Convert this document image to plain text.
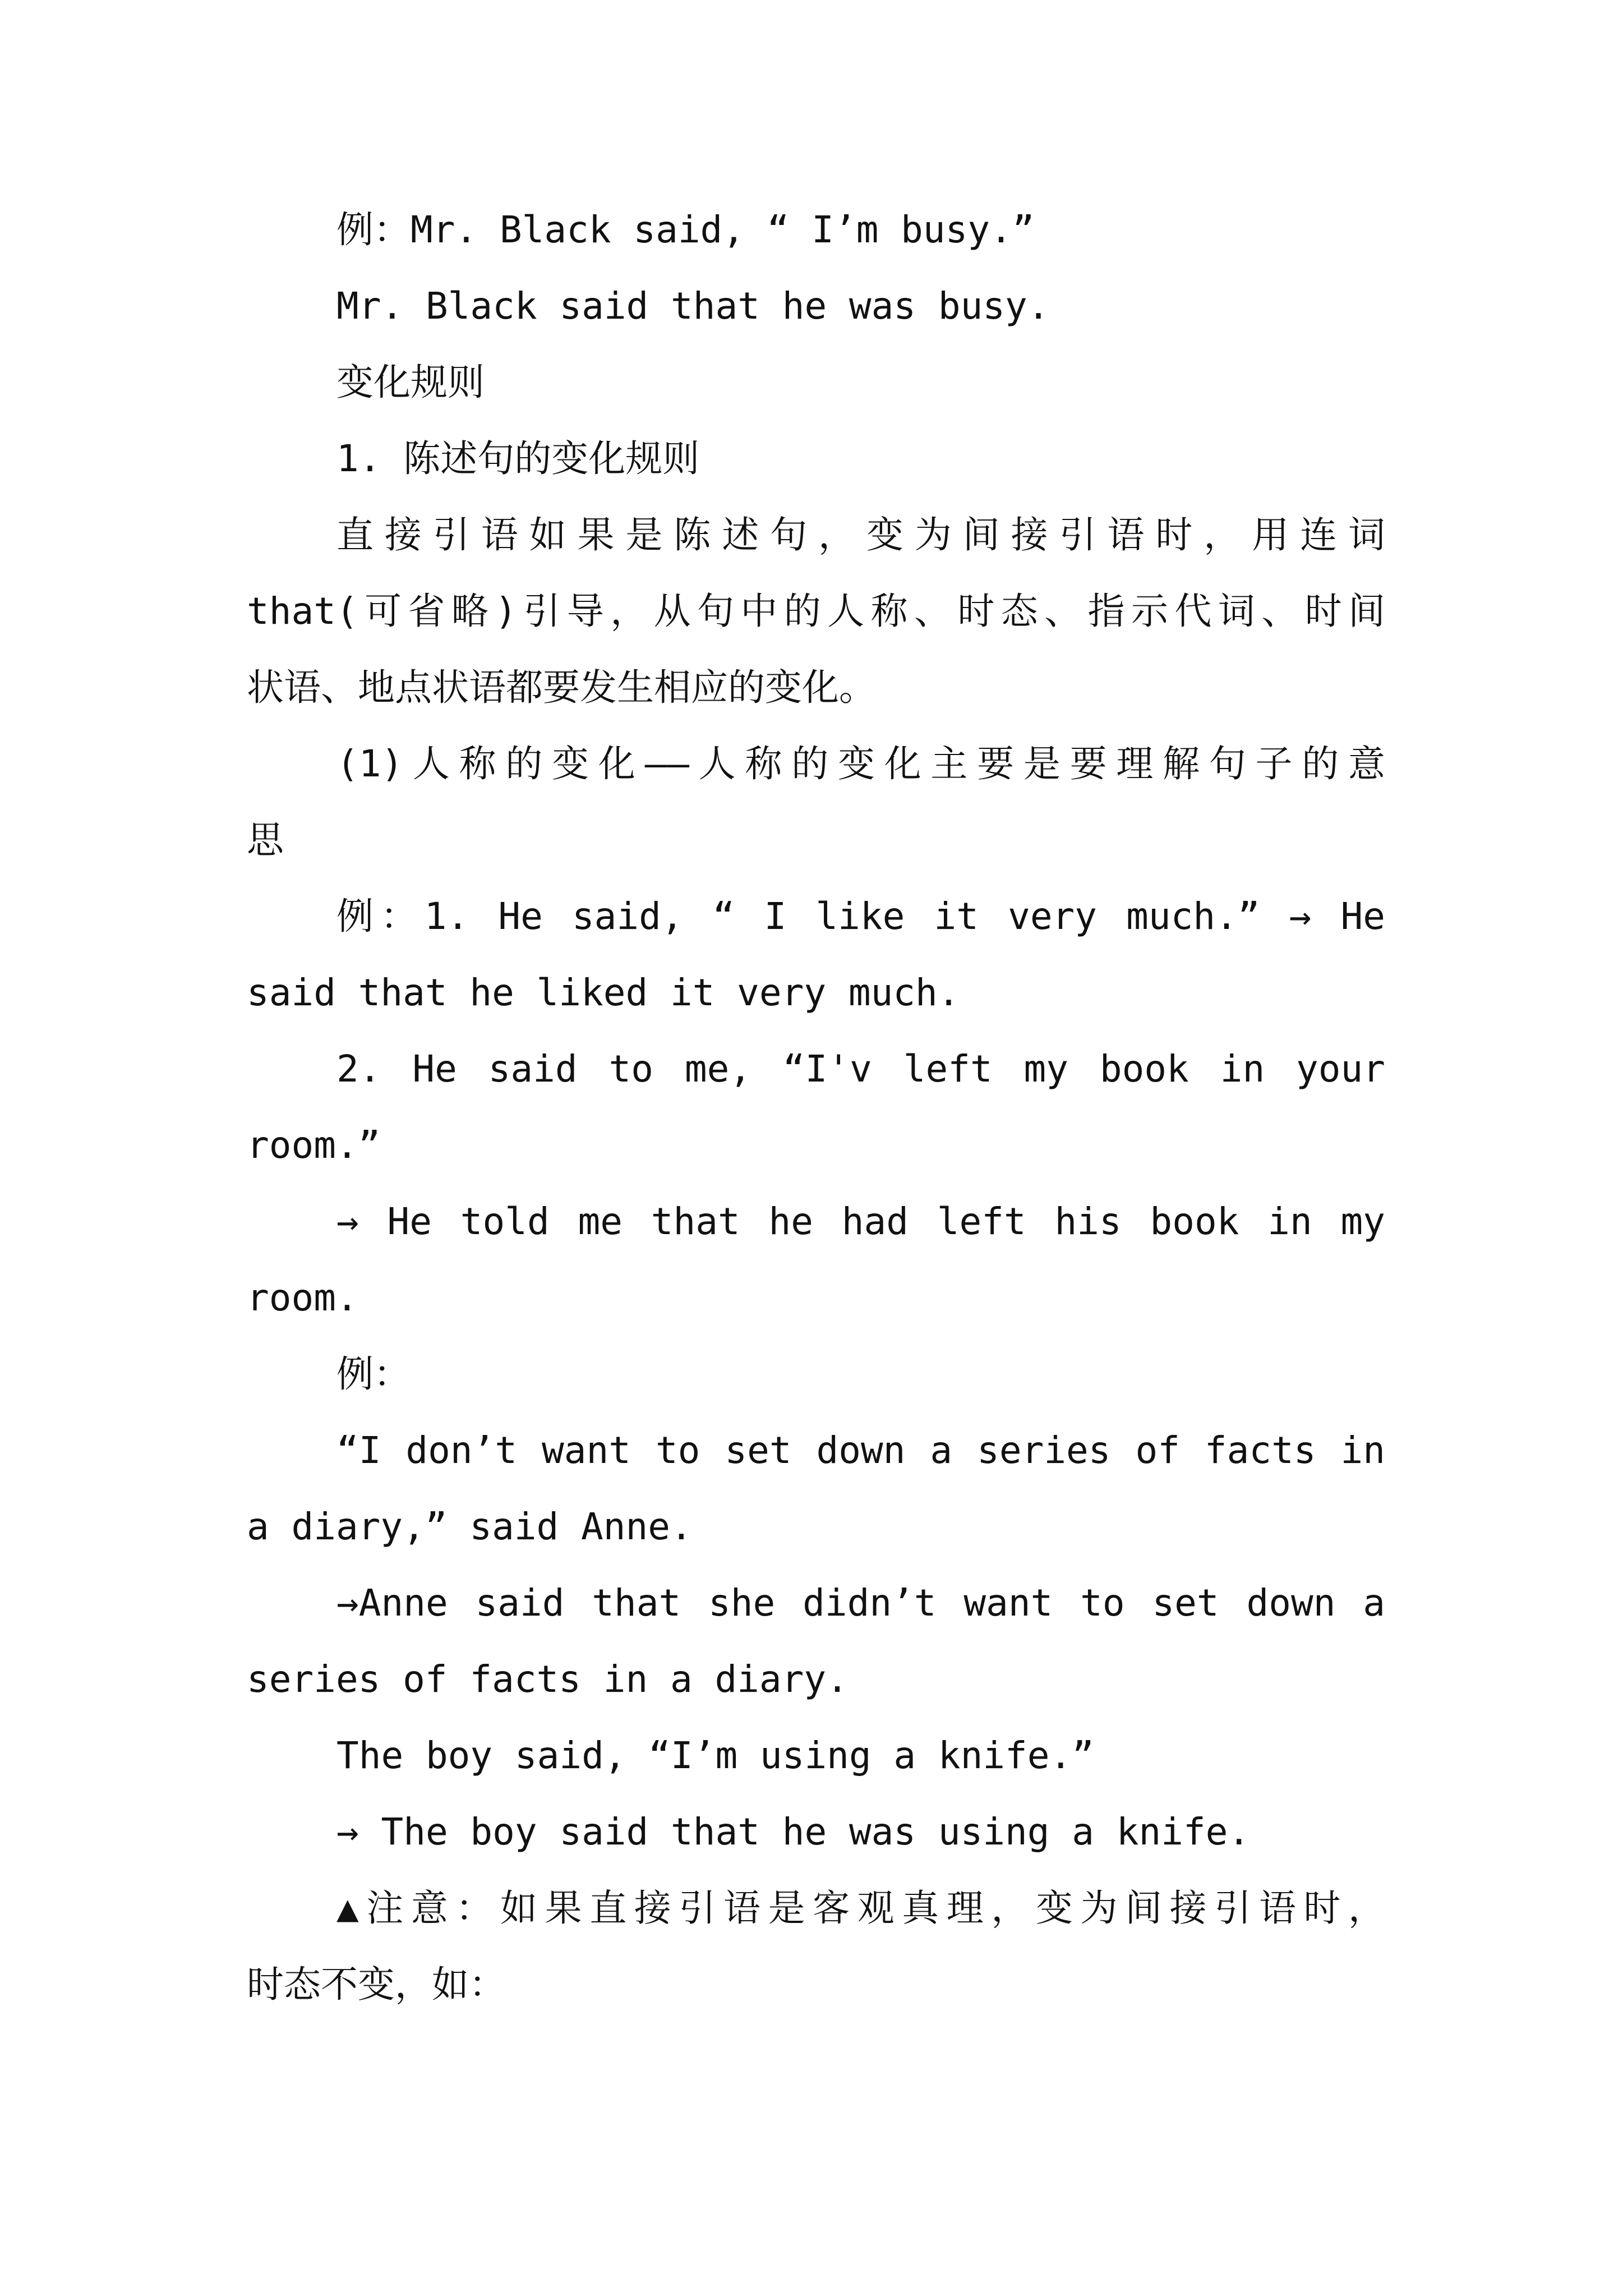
例：Mr. Black said, “ I’m busy.”
Mr. Black said that he was busy.
变化规则
1. 陈述句的变化规则
直接引语如果是陈述句，变为间接引语时，用连词
that(可省略)引导，从句中的人称、时态、指示代词、时间
状语、地点状语都要发生相应的变化。
(1)人称的变化——人称的变化主要是要理解句子的意
思
例：1. He said, “ I like it very much.” → He
said that he liked it very much.
2. He said to me, “I'v left my book in your
room.”
→ He told me that he had left his book in my
room.
例：
“I don’t want to set down a series of facts in
a diary,” said Anne.
→Anne said that she didn’t want to set down a
series of facts in a diary.
The boy said, “I’m using a knife.”
→ The boy said that he was using a knife.
▲注意：如果直接引语是客观真理，变为间接引语时，
时态不变，如：
